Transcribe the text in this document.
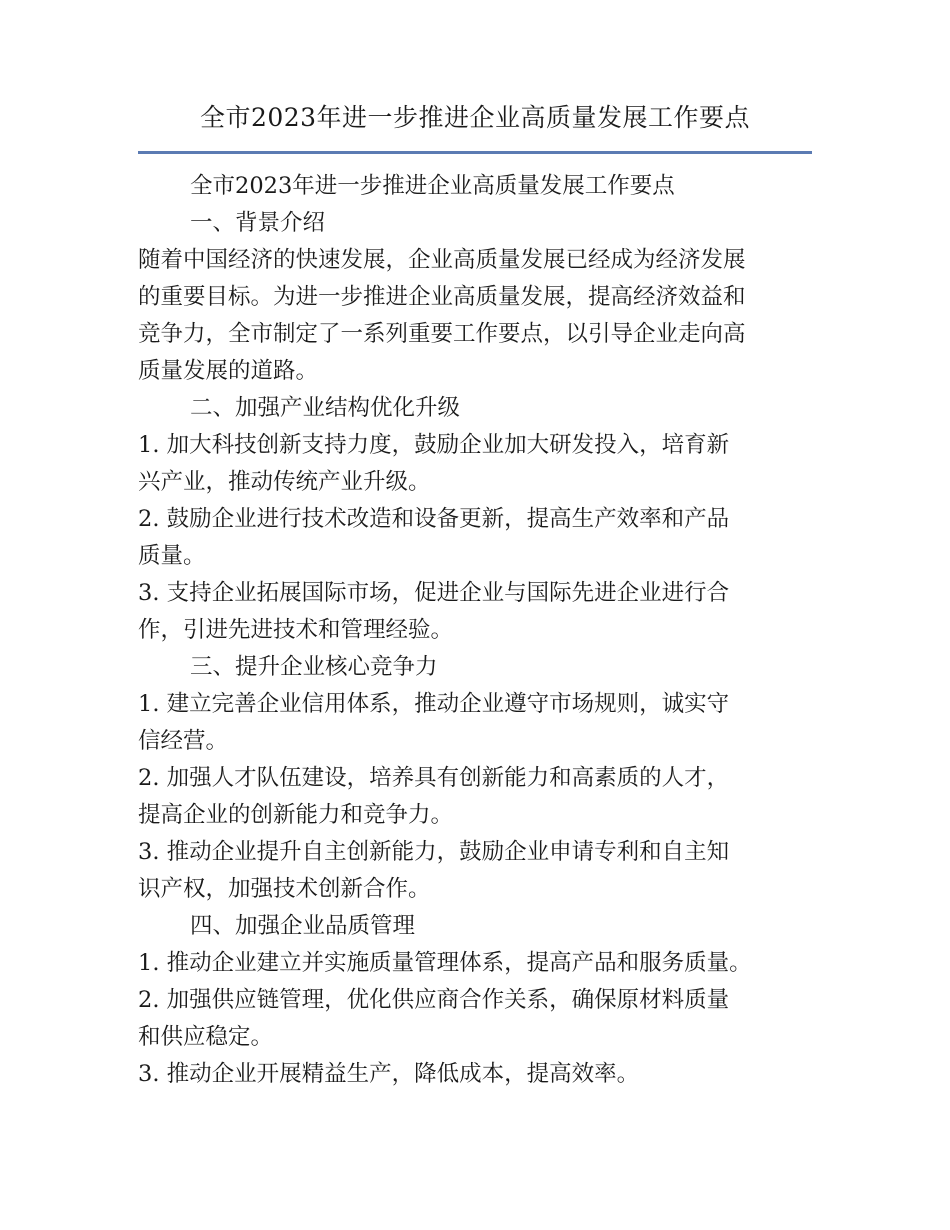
全市2023年进一步推进企业高质量发展工作要点
全市2023年进一步推进企业高质量发展工作要点
一、背景介绍
随着中国经济的快速发展，企业高质量发展已经成为经济发展
的重要目标。为进一步推进企业高质量发展，提高经济效益和
竞争力，全市制定了一系列重要工作要点，以引导企业走向高
质量发展的道路。
二、加强产业结构优化升级
1. 加大科技创新支持力度，鼓励企业加大研发投入，培育新
兴产业，推动传统产业升级。
2. 鼓励企业进行技术改造和设备更新，提高生产效率和产品
质量。
3. 支持企业拓展国际市场，促进企业与国际先进企业进行合
作，引进先进技术和管理经验。
三、提升企业核心竞争力
1. 建立完善企业信用体系，推动企业遵守市场规则，诚实守
信经营。
2. 加强人才队伍建设，培养具有创新能力和高素质的人才，
提高企业的创新能力和竞争力。
3. 推动企业提升自主创新能力，鼓励企业申请专利和自主知
识产权，加强技术创新合作。
四、加强企业品质管理
1. 推动企业建立并实施质量管理体系，提高产品和服务质量。
2. 加强供应链管理，优化供应商合作关系，确保原材料质量
和供应稳定。
3. 推动企业开展精益生产，降低成本，提高效率。
